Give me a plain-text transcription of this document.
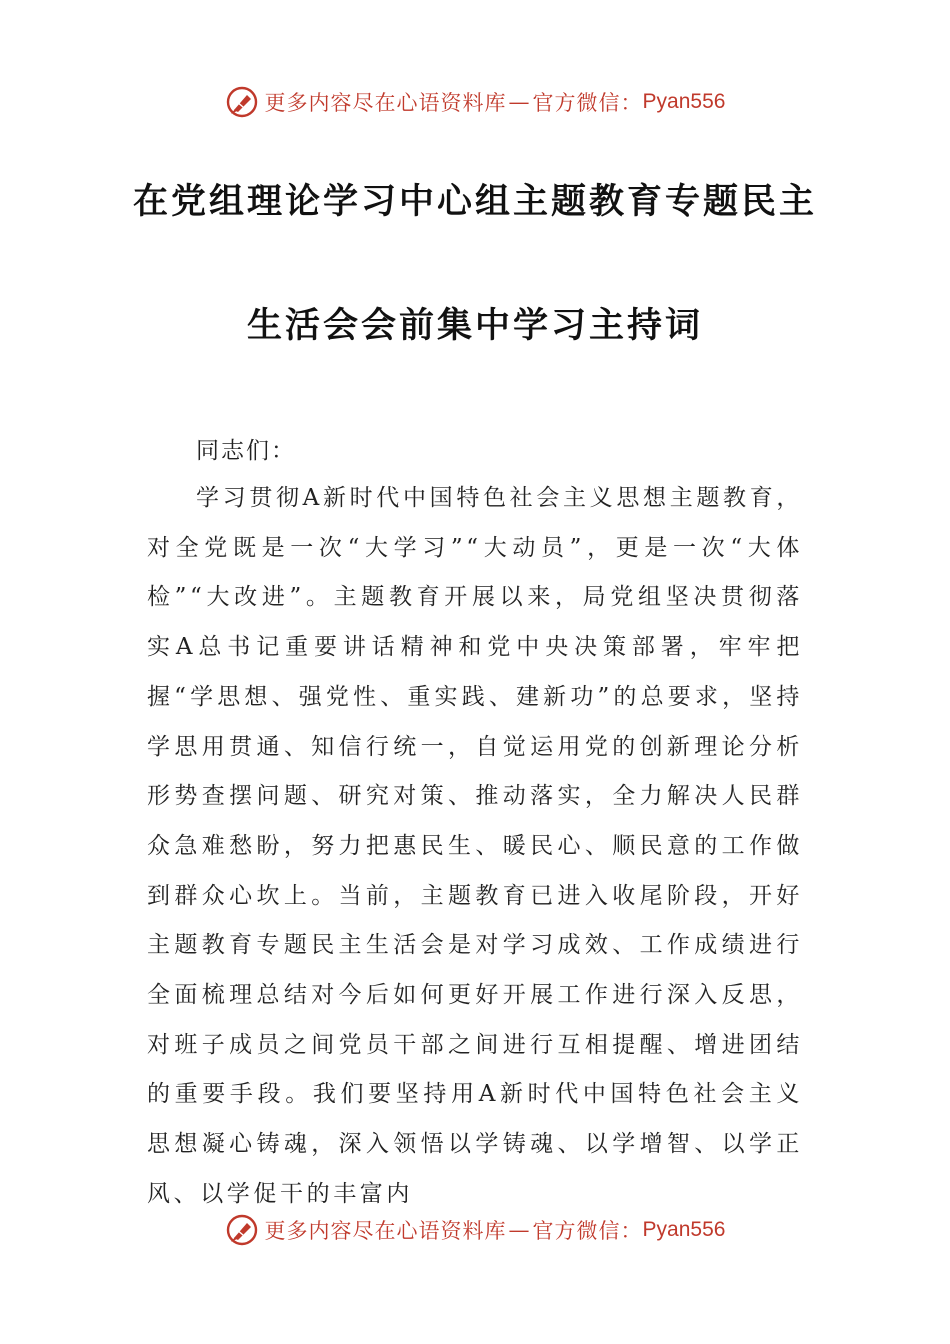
更多内容尽在心语资料库 — 官方微信： Pyan556
在党组理论学习中心组主题教育专题民主
生活会会前集中学习主持词
同志们：
学习贯彻A新时代中国特色社会主义思想主题教育，对全党既是一次“大学习”“大动员”，更是一次“大体检”“大改进”。主题教育开展以来，局党组坚决贯彻落实A总书记重要讲话精神和党中央决策部署，牢牢把握“学思想、强党性、重实践、建新功”的总要求，坚持学思用贯通、知信行统一，自觉运用党的创新理论分析形势查摆问题、研究对策、推动落实，全力解决人民群众急难愁盼，努力把惠民生、暖民心、顺民意的工作做到群众心坎上。当前，主题教育已进入收尾阶段，开好主题教育专题民主生活会是对学习成效、工作成绩进行全面梳理总结对今后如何更好开展工作进行深入反思，对班子成员之间党员干部之间进行互相提醒、增进团结的重要手段。我们要坚持用A新时代中国特色社会主义思想凝心铸魂，深入领悟以学铸魂、以学增智、以学正风、以学促干的丰富内
更多内容尽在心语资料库 — 官方微信： Pyan556
